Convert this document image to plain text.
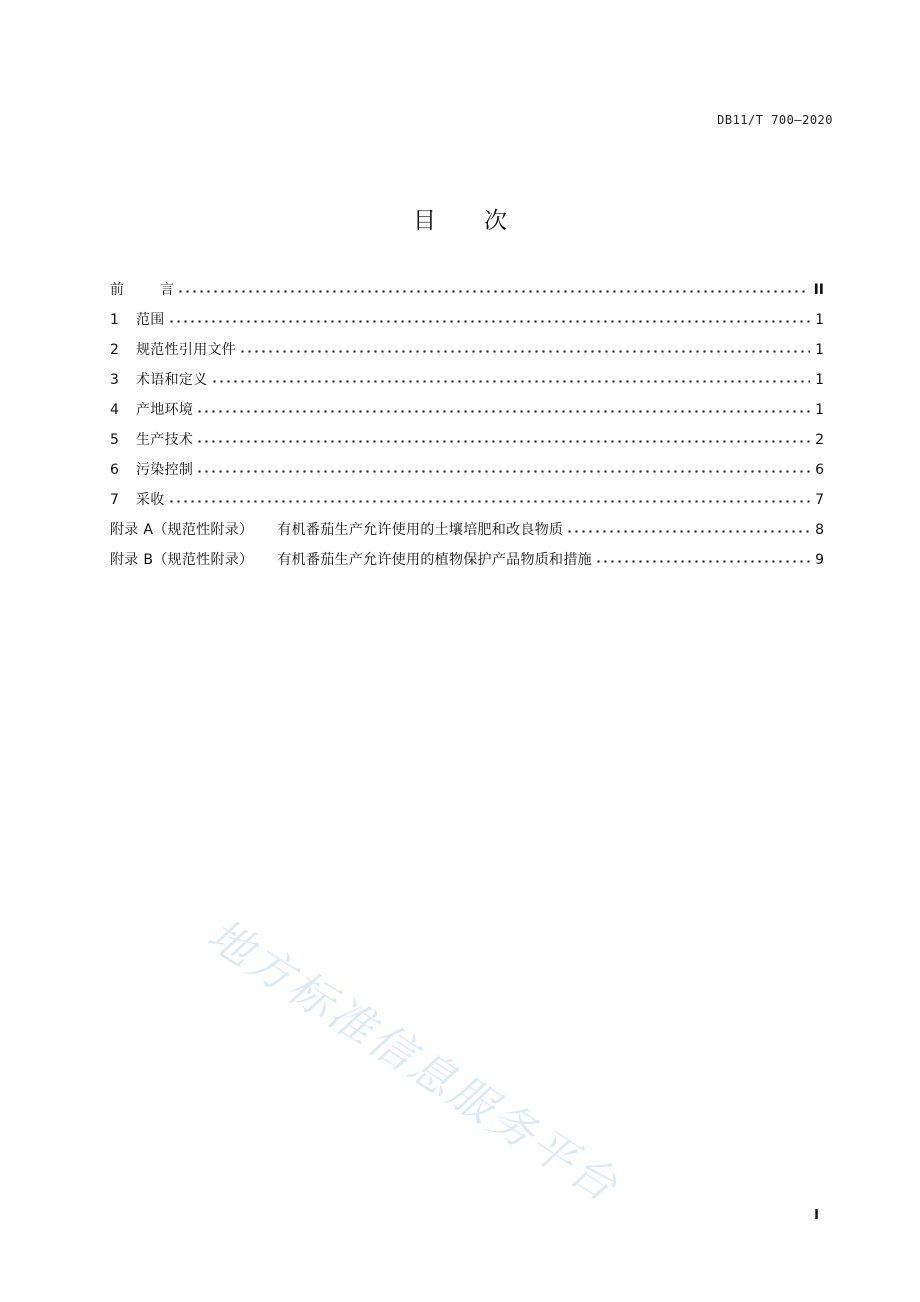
DB11/T 700—2020
目 次
前	言	II
1	范围	1
2	规范性引用文件	1
3	术语和定义	1
4	产地环境	1
5	生产技术	2
6	污染控制	6
7	采收	7
附录 A（规范性附录） 有机番茄生产允许使用的土壤培肥和改良物质	8
附录 B（规范性附录） 有机番茄生产允许使用的植物保护产品物质和措施	9
地方标准信息服务平台
I
